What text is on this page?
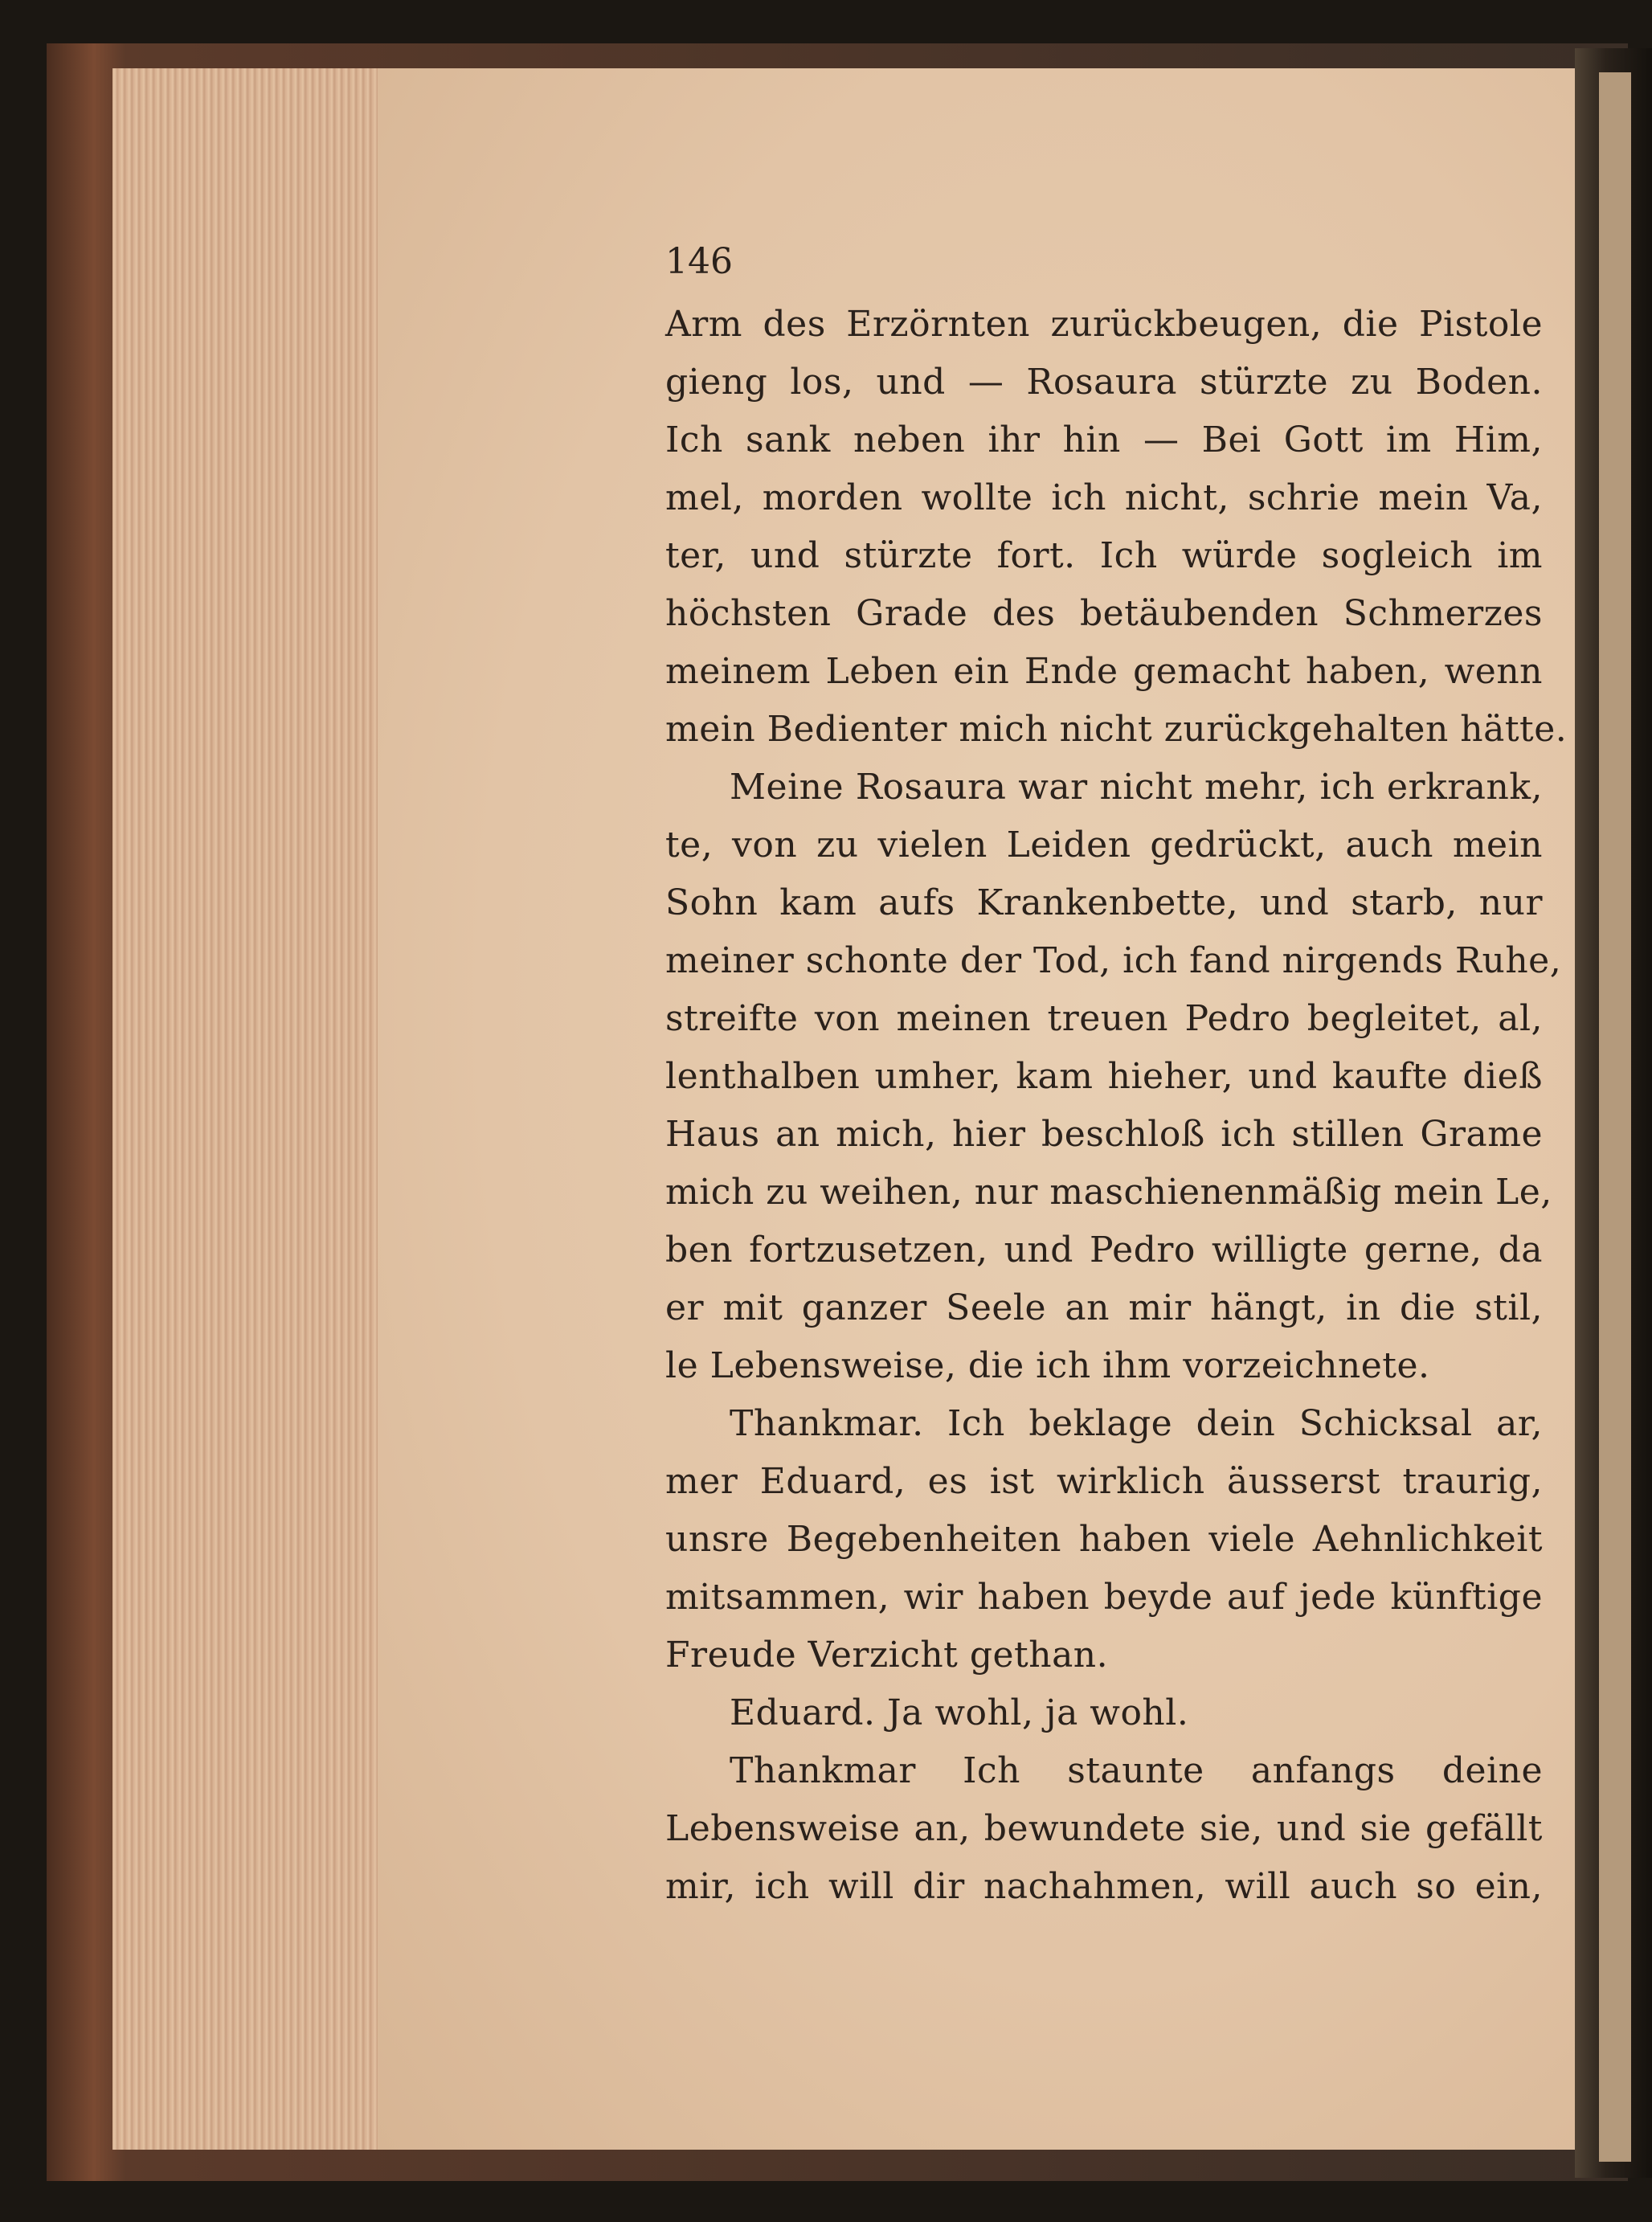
146
Arm des Erzörnten zurückbeugen, die Pistole
gieng los, und — Rosaura stürzte zu Boden.
Ich sank neben ihr hin — Bei Gott im Him,
mel, morden wollte ich nicht, schrie mein Va,
ter, und stürzte fort. Ich würde sogleich im
höchsten Grade des betäubenden Schmerzes
meinem Leben ein Ende gemacht haben, wenn
mein Bedienter mich nicht zurückgehalten hätte.
Meine Rosaura war nicht mehr, ich erkrank,
te, von zu vielen Leiden gedrückt, auch mein
Sohn kam aufs Krankenbette, und starb, nur
meiner schonte der Tod, ich fand nirgends Ruhe,
streifte von meinen treuen Pedro begleitet, al,
lenthalben umher, kam hieher, und kaufte dieß
Haus an mich, hier beschloß ich stillen Grame
mich zu weihen, nur maschienenmäßig mein Le,
ben fortzusetzen, und Pedro willigte gerne, da
er mit ganzer Seele an mir hängt, in die stil,
le Lebensweise, die ich ihm vorzeichnete.
Thankmar. Ich beklage dein Schicksal ar,
mer Eduard, es ist wirklich äusserst traurig,
unsre Begebenheiten haben viele Aehnlichkeit
mitsammen, wir haben beyde auf jede künftige
Freude Verzicht gethan.
Eduard. Ja wohl, ja wohl.
Thankmar Ich staunte anfangs deine
Lebensweise an, bewundete sie, und sie gefällt
mir, ich will dir nachahmen, will auch so ein,
